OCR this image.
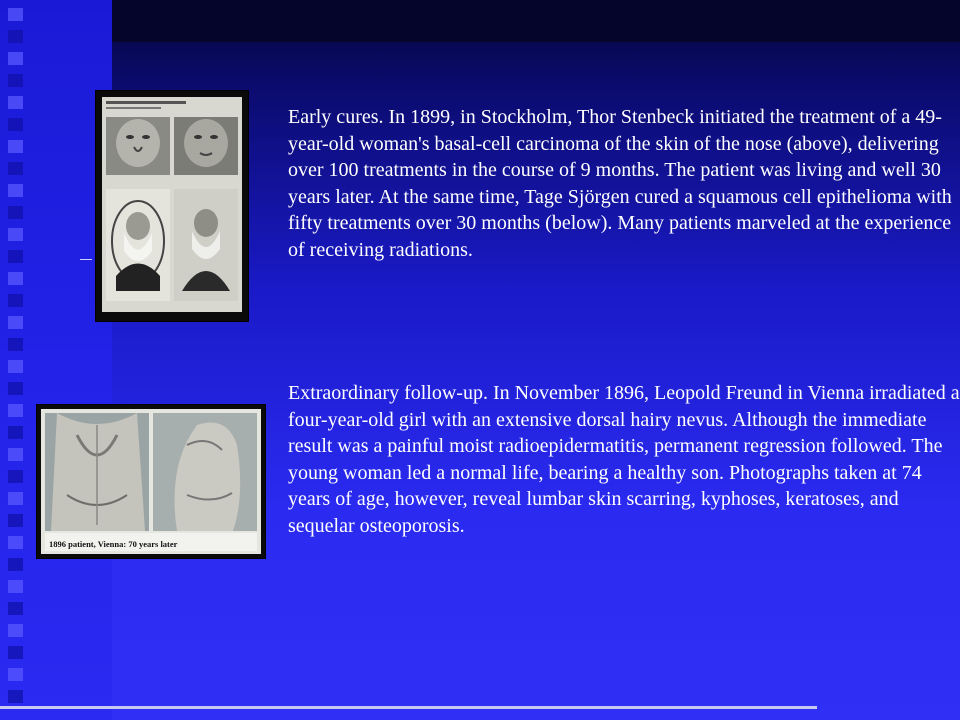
1896 patient, Vienna: 70 years later
Early cures. In 1899, in Stockholm, Thor Stenbeck initiated the treatment of a 49-year-old woman's basal-cell carcinoma of the skin of the nose (above), delivering over 100 treatments in the course of 9 months. The patient was living and well 30 years later. At the same time, Tage Sjörgen cured a squamous cell epithelioma with fifty treatments over 30 months (below). Many patients marveled at the experience of receiving radiations.
Extraordinary follow-up. In November 1896, Leopold Freund in Vienna irradiated a four-year-old girl with an extensive dorsal hairy nevus. Although the immediate result was a painful moist radioepidermatitis, permanent regression followed. The young woman led a normal life, bearing a healthy son. Photographs taken at 74 years of age, however, reveal lumbar skin scarring, kyphoses, keratoses, and sequelar osteoporosis.
